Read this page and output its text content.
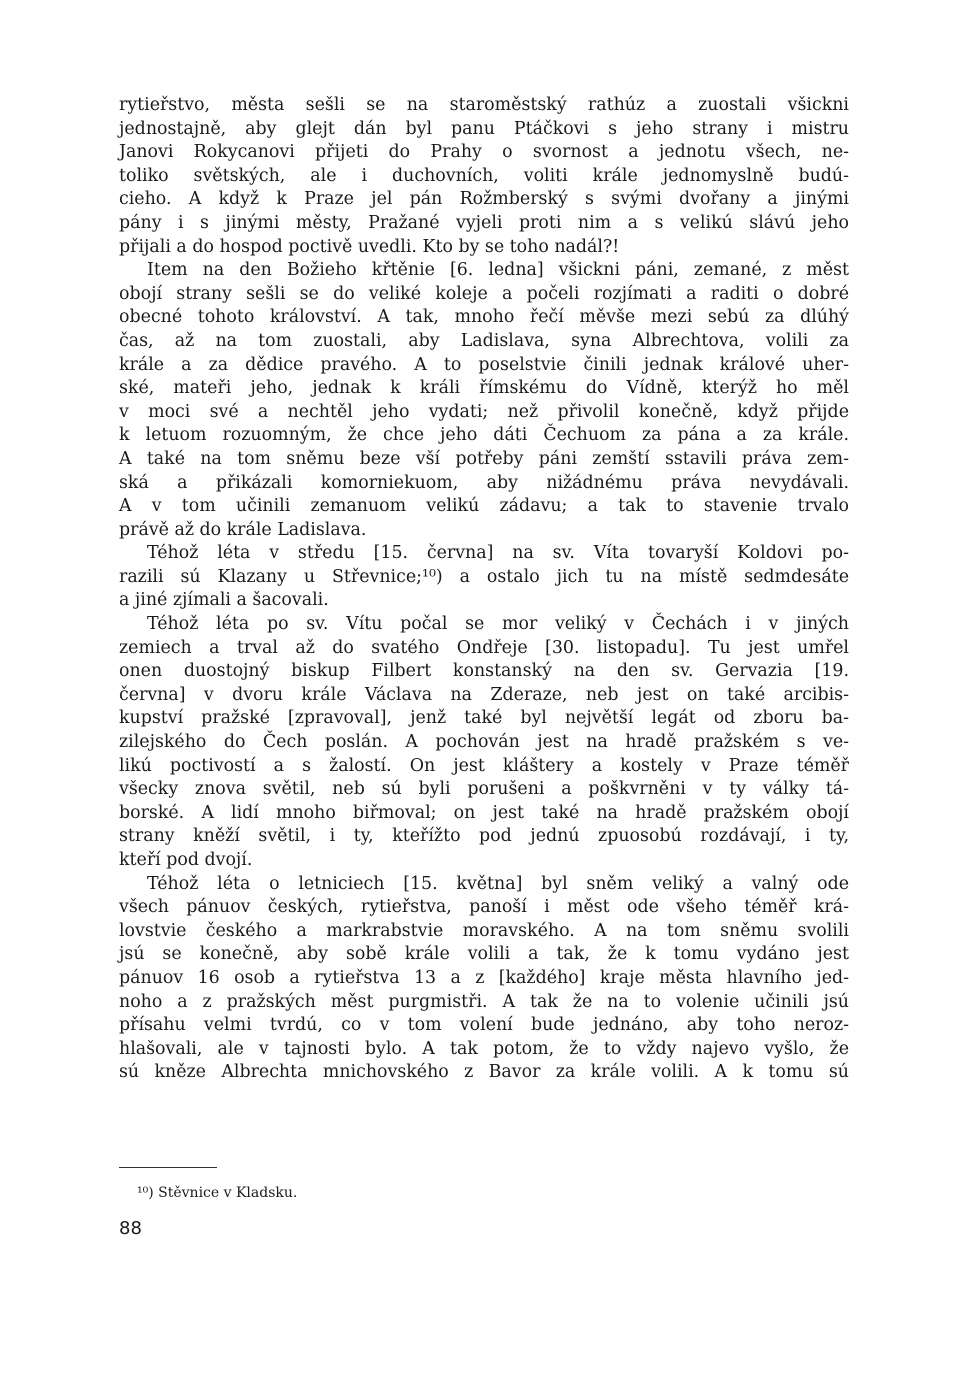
rytieřstvo, města sešli se na staroměstský rathúz a zuostali všickni
jednostajně, aby glejt dán byl panu Ptáčkovi s jeho strany i mistru
Janovi Rokycanovi přijeti do Prahy o svornost a jednotu všech, ne-
toliko světských, ale i duchovních, voliti krále jednomyslně budú-
cieho. A když k Praze jel pán Rožmberský s svými dvořany a jinými
pány i s jinými městy, Pražané vyjeli proti nim a s velikú slávú jeho
přijali a do hospod poctivě uvedli. Kto by se toho nadál?!
Item na den Božieho křtěnie [6. ledna] všickni páni, zemané, z měst
obojí strany sešli se do veliké koleje a počeli rozjímati a raditi o dobré
obecné tohoto království. A tak, mnoho řečí měvše mezi sebú za dlúhý
čas, až na tom zuostali, aby Ladislava, syna Albrechtova, volili za
krále a za dědice pravého. A to poselstvie činili jednak králové uher-
ské, mateři jeho, jednak k králi římskému do Vídně, kterýž ho měl
v moci své a nechtěl jeho vydati; než přivolil konečně, když přijde
k letuom rozuomným, že chce jeho dáti Čechuom za pána a za krále.
A také na tom sněmu beze vší potřeby páni zemští sstavili práva zem-
ská a přikázali komorniekuom, aby nižádnému práva nevydávali.
A v tom učinili zemanuom velikú zádavu; a tak to stavenie trvalo
právě až do krále Ladislava.
Téhož léta v středu [15. června] na sv. Víta tovaryší Koldovi po-
razili sú Klazany u Střevnice;¹⁰) a ostalo jich tu na místě sedmdesáte
a jiné zjímali a šacovali.
Téhož léta po sv. Vítu počal se mor veliký v Čechách i v jiných
zemiech a trval až do svatého Ondřeje [30. listopadu]. Tu jest umřel
onen duostojný biskup Filbert konstanský na den sv. Gervazia [19.
června] v dvoru krále Václava na Zderaze, neb jest on také arcibis-
kupství pražské [zpravoval], jenž také byl největší legát od zboru ba-
zilejského do Čech poslán. A pochován jest na hradě pražském s ve-
likú poctivostí a s žalostí. On jest kláštery a kostely v Praze téměř
všecky znova světil, neb sú byli porušeni a poškvrněni v ty války tá-
borské. A lidí mnoho biřmoval; on jest také na hradě pražském obojí
strany kněží světil, i ty, kteřížto pod jednú zpuosobú rozdávají, i ty,
kteří pod dvojí.
Téhož léta o letniciech [15. května] byl sněm veliký a valný ode
všech pánuov českých, rytieřstva, panoší i měst ode všeho téměř krá-
lovstvie českého a markrabstvie moravského. A na tom sněmu svolili
jsú se konečně, aby sobě krále volili a tak, že k tomu vydáno jest
pánuov 16 osob a rytieřstva 13 a z [každého] kraje města hlavního jed-
noho a z pražských měst purgmistři. A tak že na to volenie učinili jsú
přísahu velmi tvrdú, co v tom volení bude jednáno, aby toho neroz-
hlašovali, ale v tajnosti bylo. A tak potom, že to vždy najevo vyšlo, že
sú kněze Albrechta mnichovského z Bavor za krále volili. A k tomu sú
¹⁰) Stěvnice v Kladsku.
88
